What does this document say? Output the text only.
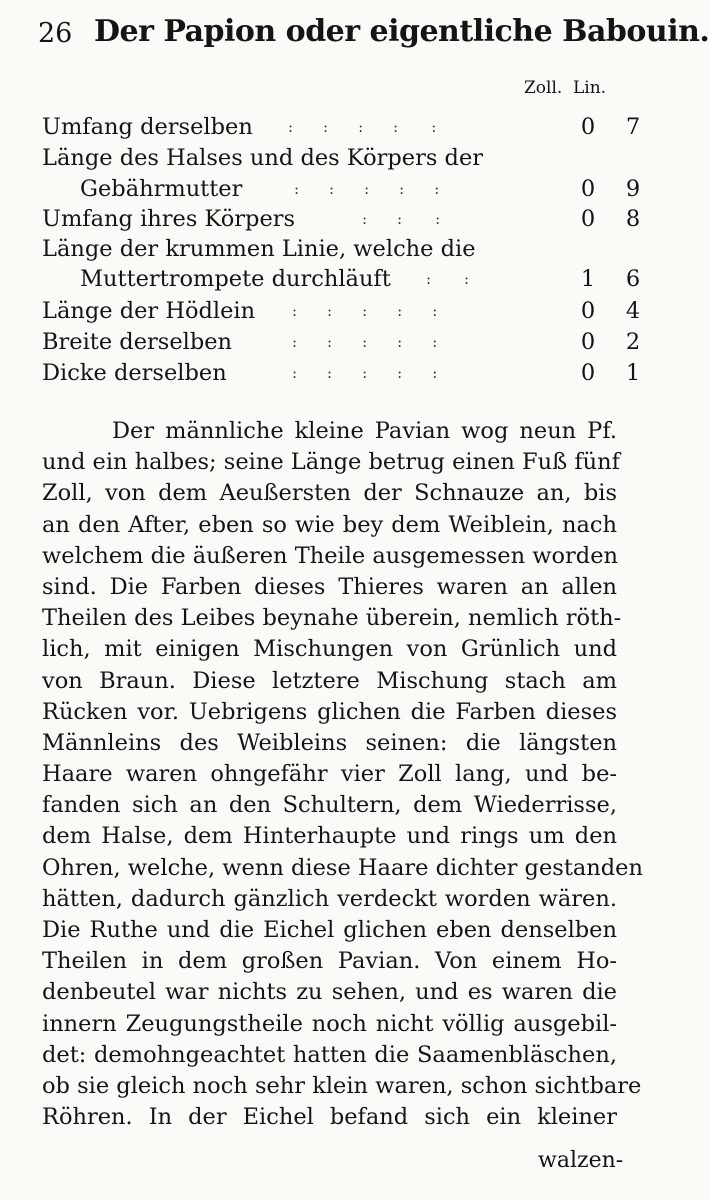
26 Der Papion oder eigentliche Babouin.
Zoll. Lin.
Umfang derselben :  :  :  :   :	0 7
Länge des Halses und des Körpers der
Gebährmutter	:  :  :  :  :	0 9
Umfang ihres Körpers	:  :   :	0 8
Länge der krummen Linie, welche die
Muttertrompete durchläuft :   :	1 6
Länge der Hödlein :  :  :  :  :	0 4
Breite derselben	:  :  :  :  :	0 2
Dicke derselben	:  :  :  :  :	0 1
Der männliche kleine Pavian wog neun Pf.
und ein halbes; seine Länge betrug einen Fuß fünf
Zoll, von dem Aeußersten der Schnauze an, bis
an den After, eben so wie bey dem Weiblein, nach
welchem die äußeren Theile ausgemessen worden
sind. Die Farben dieses Thieres waren an allen
Theilen des Leibes beynahe überein, nemlich röth-
lich, mit einigen Mischungen von Grünlich und
von Braun. Diese letztere Mischung stach am
Rücken vor. Uebrigens glichen die Farben dieses
Männleins des Weibleins seinen: die längsten
Haare waren ohngefähr vier Zoll lang, und be-
fanden sich an den Schultern, dem Wiederrisse,
dem Halse, dem Hinterhaupte und rings um den
Ohren, welche, wenn diese Haare dichter gestanden
hätten, dadurch gänzlich verdeckt worden wären.
Die Ruthe und die Eichel glichen eben denselben
Theilen in dem großen Pavian. Von einem Ho-
denbeutel war nichts zu sehen, und es waren die
innern Zeugungstheile noch nicht völlig ausgebil-
det: demohngeachtet hatten die Saamenbläschen,
ob sie gleich noch sehr klein waren, schon sichtbare
Röhren. In der Eichel befand sich ein kleiner
walzen-
